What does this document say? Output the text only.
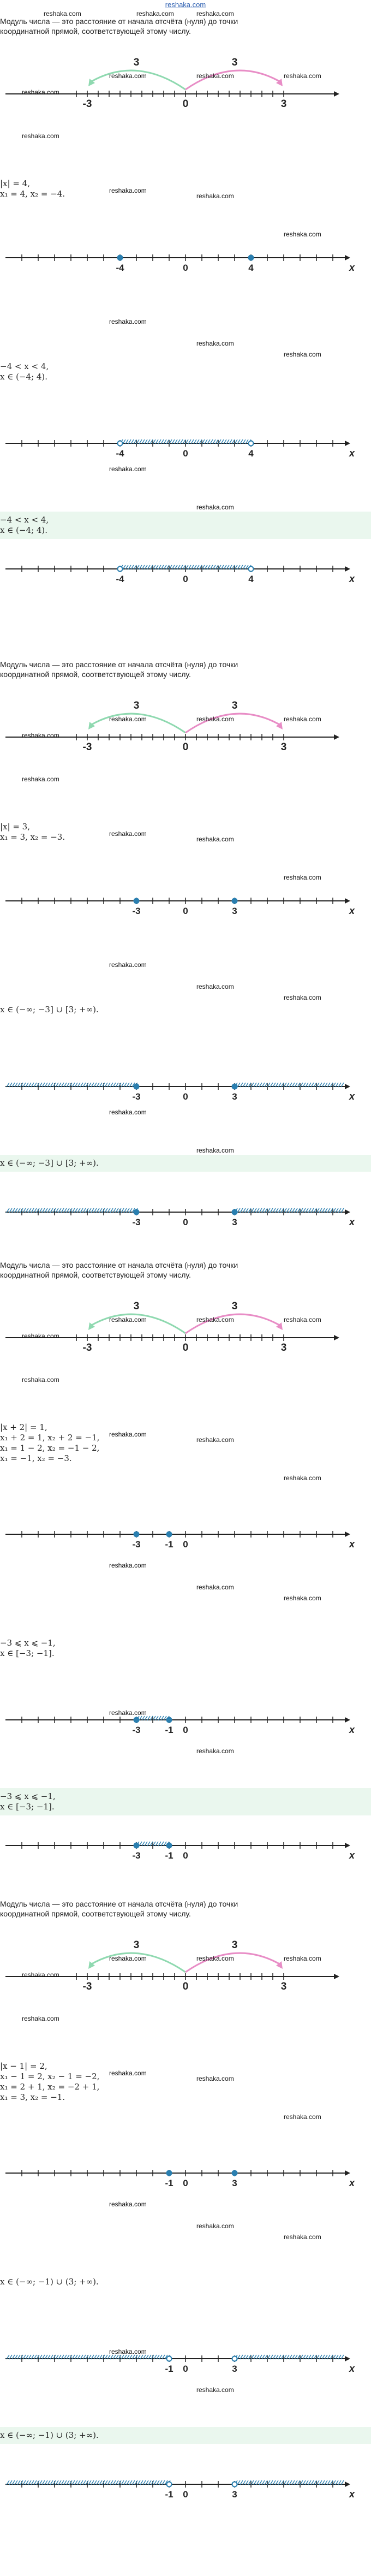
reshaka.com
Модуль числа — это расстояние от начала отсчёта (нуля) до точки
координатной прямой, соответствующей этому числу.
3	3
-3	0	3
|x| = 4,
x₁ = 4, x₂ = −4.
-4	0	4	x
−4 < x < 4,
x ∈ (−4; 4).
-4	0	4	x
−4 < x < 4,
x ∈ (−4; 4).
-4	0	4	x
reshaka.com
reshaka.com	reshaka.com	reshaka.com
reshaka.com
reshaka.com
reshaka.com
reshaka.com
reshaka.com
reshaka.com
reshaka.com
reshaka.com
reshaka.com
Модуль числа — это расстояние от начала отсчёта (нуля) до точки
координатной прямой, соответствующей этому числу.
3	3
-3	0	3
|x| = 3,
x₁ = 3, x₂ = −3.
-3	0	3	x
x ∈ (−∞; −3] ∪ [3; +∞).
-3	0	3	x
x ∈ (−∞; −3] ∪ [3; +∞).
-3	0	3	x
reshaka.com
reshaka.com	reshaka.com	reshaka.com
reshaka.com
reshaka.com
reshaka.com
reshaka.com
reshaka.com
reshaka.com
reshaka.com
reshaka.com
reshaka.com
Модуль числа — это расстояние от начала отсчёта (нуля) до точки
координатной прямой, соответствующей этому числу.
3	3
-3	0	3
|x + 2| = 1,
x₁ + 2 = 1, x₂ + 2 = −1,
x₁ = 1 − 2, x₂ = −1 − 2,
x₁ = −1, x₂ = −3.
-3	-1 0	x
−3 ⩽ x ⩽ −1,
x ∈ [−3; −1].
-3	-1 0	x
−3 ⩽ x ⩽ −1,
x ∈ [−3; −1].
-3	-1 0	x
reshaka.com
reshaka.com	reshaka.com	reshaka.com
reshaka.com
reshaka.com
reshaka.com
reshaka.com
reshaka.com
reshaka.com
reshaka.com
reshaka.com
reshaka.com
Модуль числа — это расстояние от начала отсчёта (нуля) до точки
координатной прямой, соответствующей этому числу.
3	3
-3	0	3
|x − 1| = 2,
x₁ − 1 = 2, x₂ − 1 = −2,
x₁ = 2 + 1, x₂ = −2 + 1,
x₁ = 3, x₂ = −1.
-1 0	3	x
x ∈ (−∞; −1) ∪ (3; +∞).
-1 0	3	x
x ∈ (−∞; −1) ∪ (3; +∞).
-1 0	3	x
reshaka.com
reshaka.com	reshaka.com	reshaka.com
reshaka.com
reshaka.com
reshaka.com
reshaka.com
reshaka.com
reshaka.com
reshaka.com
reshaka.com
reshaka.com
reshaka.com	reshaka.com	reshaka.com
